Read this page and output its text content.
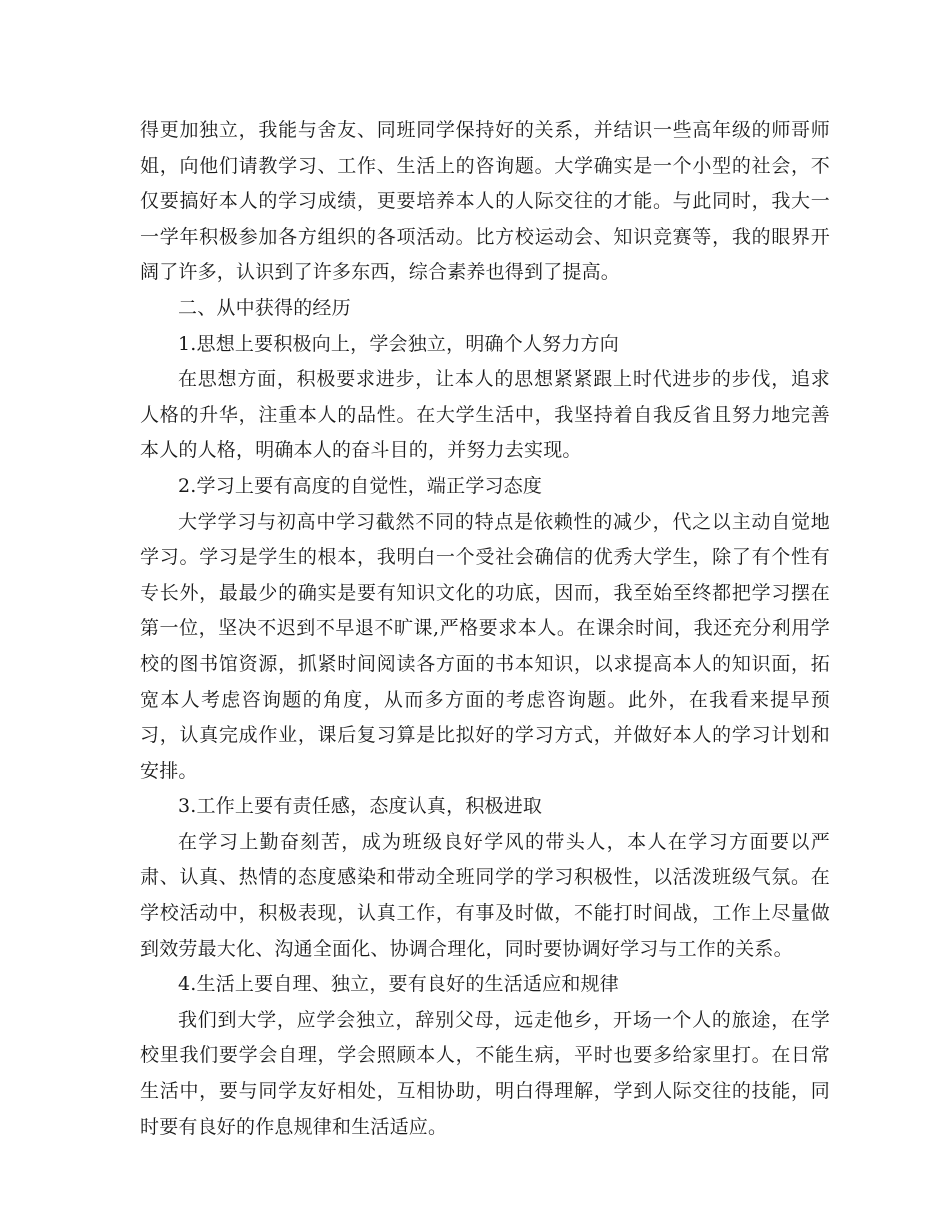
得更加独立，我能与舍友、同班同学保持好的关系，并结识一些高年级的师哥师姐，向他们请教学习、工作、生活上的咨询题。大学确实是一个小型的社会，不仅要搞好本人的学习成绩，更要培养本人的人际交往的才能。与此同时，我大一一学年积极参加各方组织的各项活动。比方校运动会、知识竞赛等，我的眼界开阔了许多，认识到了许多东西，综合素养也得到了提高。

二、从中获得的经历

1.思想上要积极向上，学会独立，明确个人努力方向

在思想方面，积极要求进步，让本人的思想紧紧跟上时代进步的步伐，追求人格的升华，注重本人的品性。在大学生活中，我坚持着自我反省且努力地完善本人的人格，明确本人的奋斗目的，并努力去实现。

2.学习上要有高度的自觉性，端正学习态度

大学学习与初高中学习截然不同的特点是依赖性的减少，代之以主动自觉地学习。学习是学生的根本，我明白一个受社会确信的优秀大学生，除了有个性有专长外，最最少的确实是要有知识文化的功底，因而，我至始至终都把学习摆在第一位，坚决不迟到不早退不旷课,严格要求本人。在课余时间，我还充分利用学校的图书馆资源，抓紧时间阅读各方面的书本知识，以求提高本人的知识面，拓宽本人考虑咨询题的角度，从而多方面的考虑咨询题。此外，在我看来提早预习，认真完成作业，课后复习算是比拟好的学习方式，并做好本人的学习计划和安排。

3.工作上要有责任感，态度认真，积极进取

在学习上勤奋刻苦，成为班级良好学风的带头人，本人在学习方面要以严肃、认真、热情的态度感染和带动全班同学的学习积极性，以活泼班级气氛。在学校活动中，积极表现，认真工作，有事及时做，不能打时间战，工作上尽量做到效劳最大化、沟通全面化、协调合理化，同时要协调好学习与工作的关系。

4.生活上要自理、独立，要有良好的生活适应和规律

我们到大学，应学会独立，辞别父母，远走他乡，开场一个人的旅途，在学校里我们要学会自理，学会照顾本人，不能生病，平时也要多给家里打。在日常生活中，要与同学友好相处，互相协助，明白得理解，学到人际交往的技能，同时要有良好的作息规律和生活适应。
